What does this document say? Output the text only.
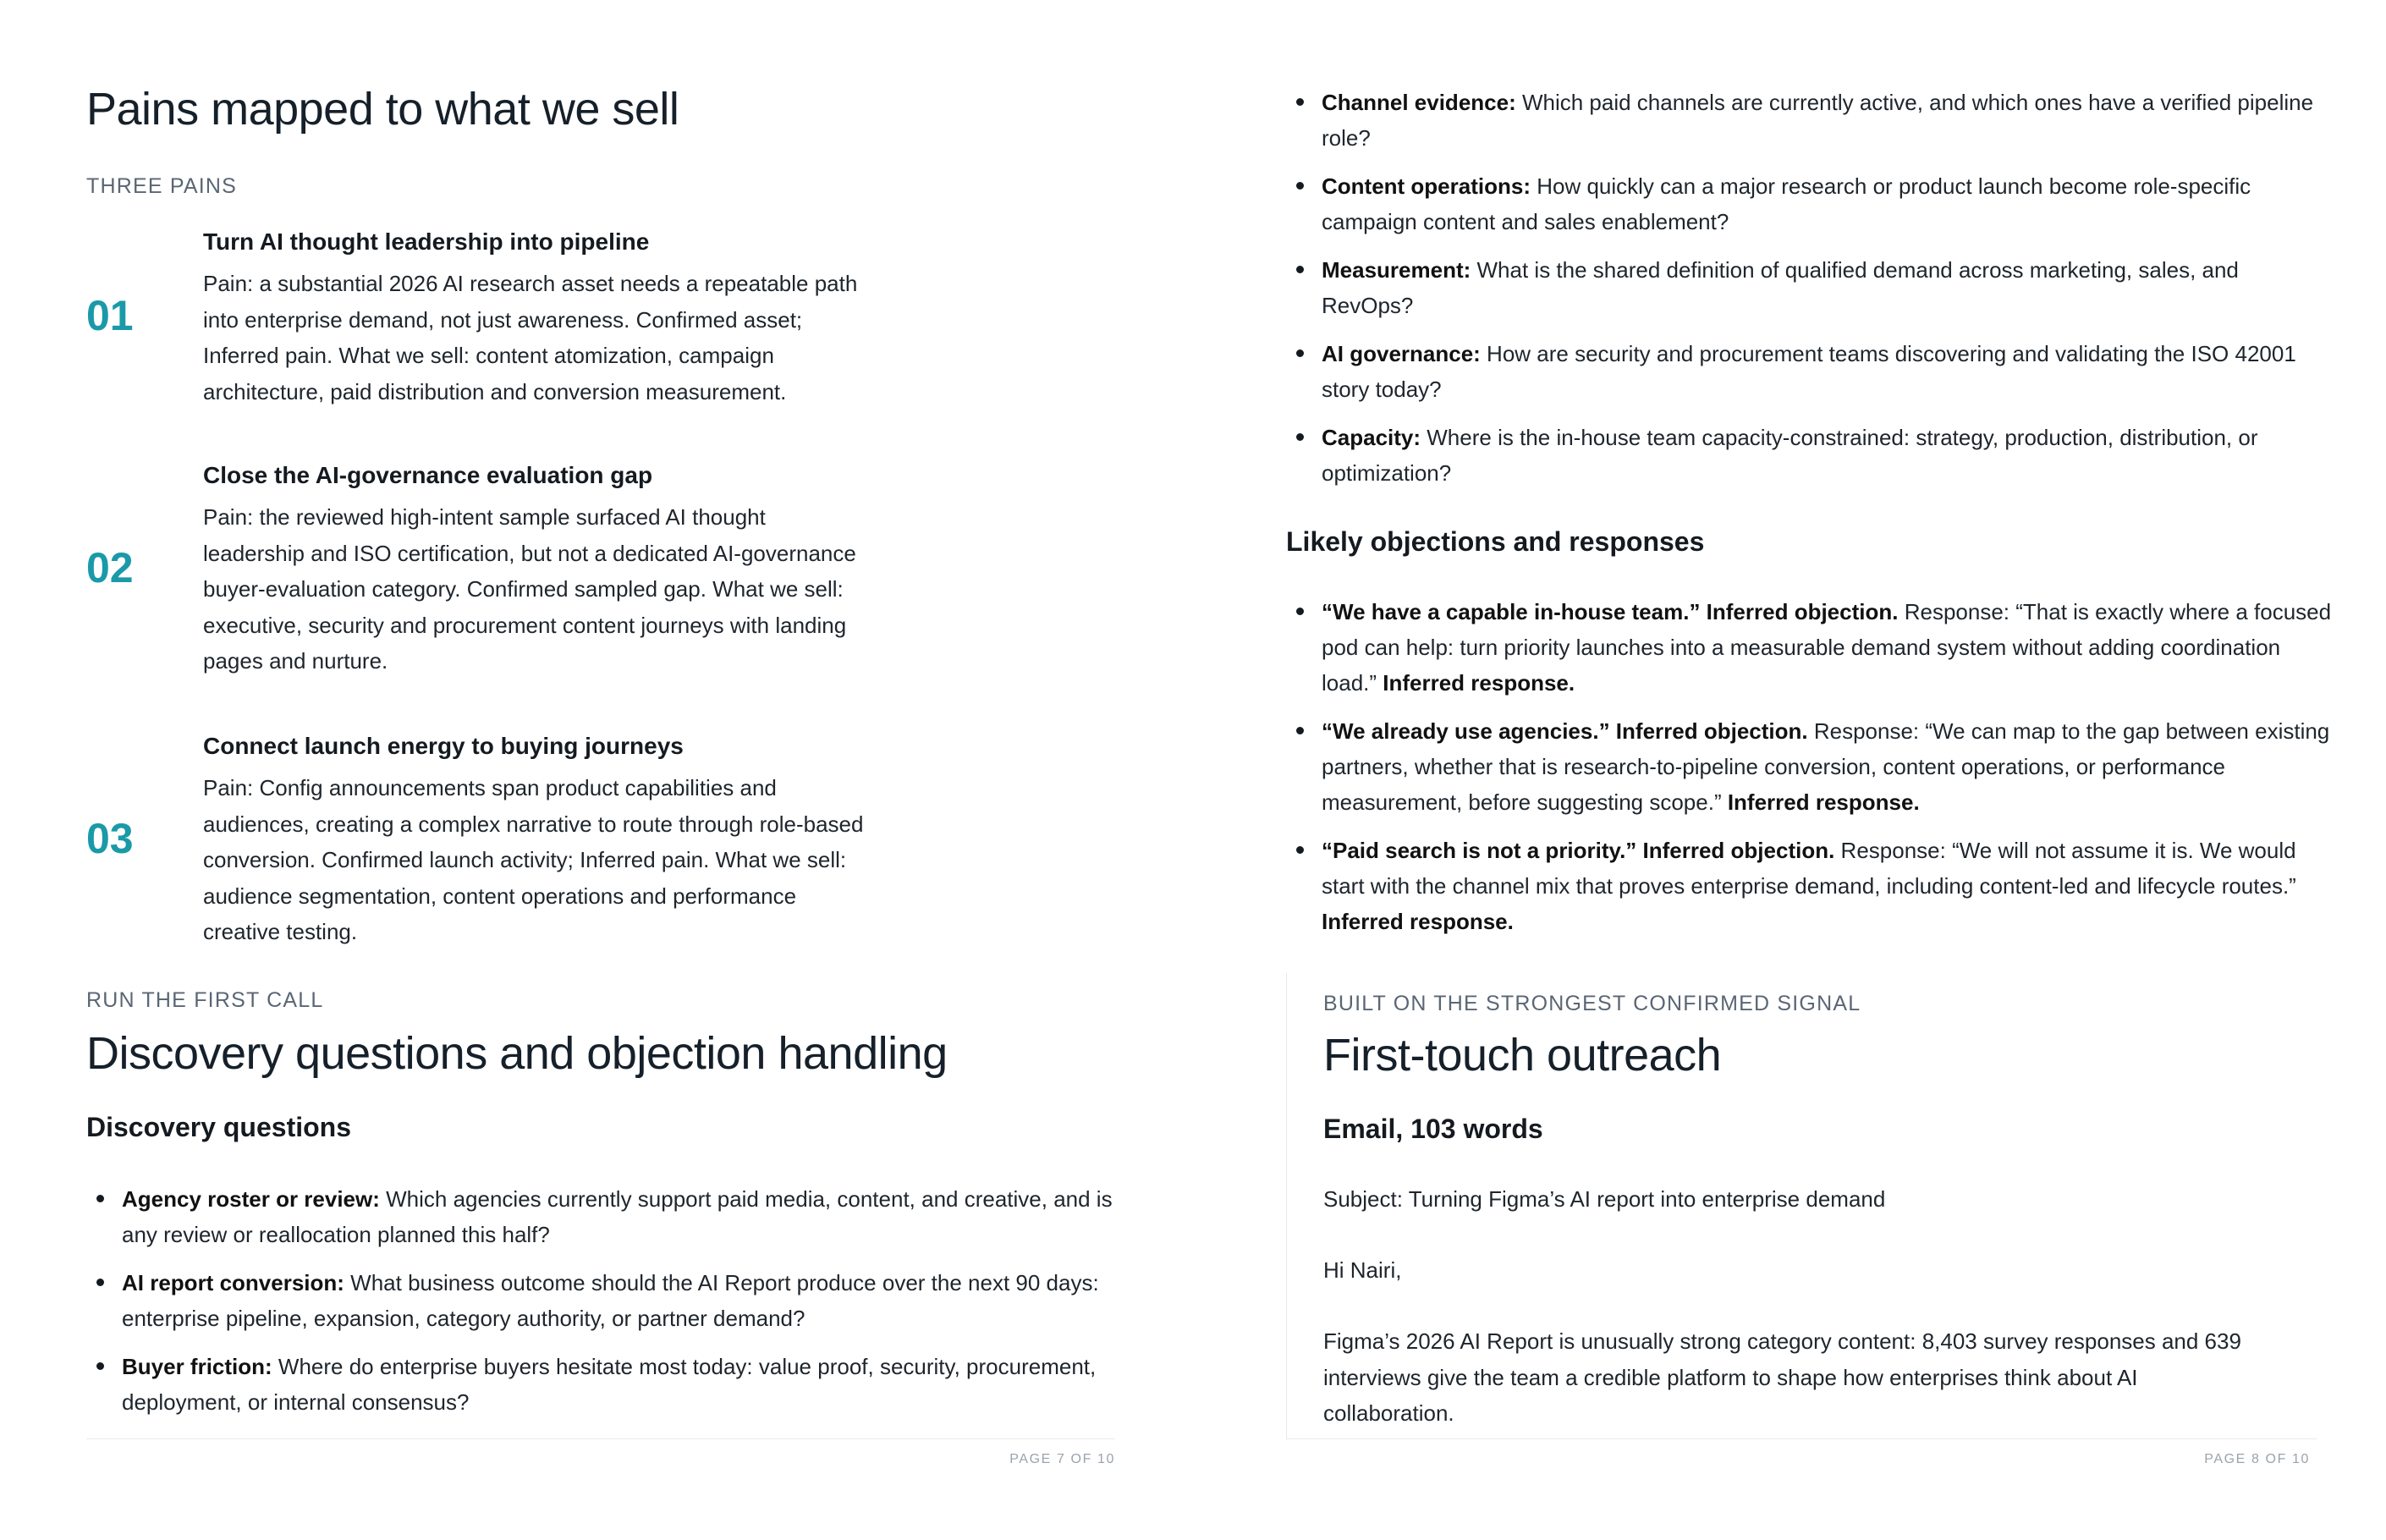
Pains mapped to what we sell
THREE PAINS
01
Turn AI thought leadership into pipeline
Pain: a substantial 2026 AI research asset needs a repeatable path
into enterprise demand, not just awareness. Confirmed asset;
Inferred pain. What we sell: content atomization, campaign
architecture, paid distribution and conversion measurement.
02
Close the AI-governance evaluation gap
Pain: the reviewed high-intent sample surfaced AI thought
leadership and ISO certification, but not a dedicated AI-governance
buyer-evaluation category. Confirmed sampled gap. What we sell:
executive, security and procurement content journeys with landing
pages and nurture.
03
Connect launch energy to buying journeys
Pain: Config announcements span product capabilities and
audiences, creating a complex narrative to route through role-based
conversion. Confirmed launch activity; Inferred pain. What we sell:
audience segmentation, content operations and performance
creative testing.
RUN THE FIRST CALL
Discovery questions and objection handling
Discovery questions
Agency roster or review: Which agencies currently support paid media, content, and creative, and is any review or reallocation planned this half?
AI report conversion: What business outcome should the AI Report produce over the next 90 days: enterprise pipeline, expansion, category authority, or partner demand?
Buyer friction: Where do enterprise buyers hesitate most today: value proof, security, procurement, deployment, or internal consensus?
PAGE 7 OF 10
Channel evidence: Which paid channels are currently active, and which ones have a verified pipeline role?
Content operations: How quickly can a major research or product launch become role-specific campaign content and sales enablement?
Measurement: What is the shared definition of qualified demand across marketing, sales, and RevOps?
AI governance: How are security and procurement teams discovering and validating the ISO 42001 story today?
Capacity: Where is the in-house team capacity-constrained: strategy, production, distribution, or optimization?
Likely objections and responses
“We have a capable in-house team.” Inferred objection. Response: “That is exactly where a focused pod can help: turn priority launches into a measurable demand system without adding coordination load.” Inferred response.
“We already use agencies.” Inferred objection. Response: “We can map to the gap between existing partners, whether that is research-to-pipeline conversion, content operations, or performance measurement, before suggesting scope.” Inferred response.
“Paid search is not a priority.” Inferred objection. Response: “We will not assume it is. We would start with the channel mix that proves enterprise demand, including content-led and lifecycle routes.” Inferred response.
BUILT ON THE STRONGEST CONFIRMED SIGNAL
First-touch outreach
Email, 103 words
Subject: Turning Figma’s AI report into enterprise demand
Hi Nairi,
Figma’s 2026 AI Report is unusually strong category content: 8,403 survey responses and 639
interviews give the team a credible platform to shape how enterprises think about AI
collaboration.
PAGE 8 OF 10
